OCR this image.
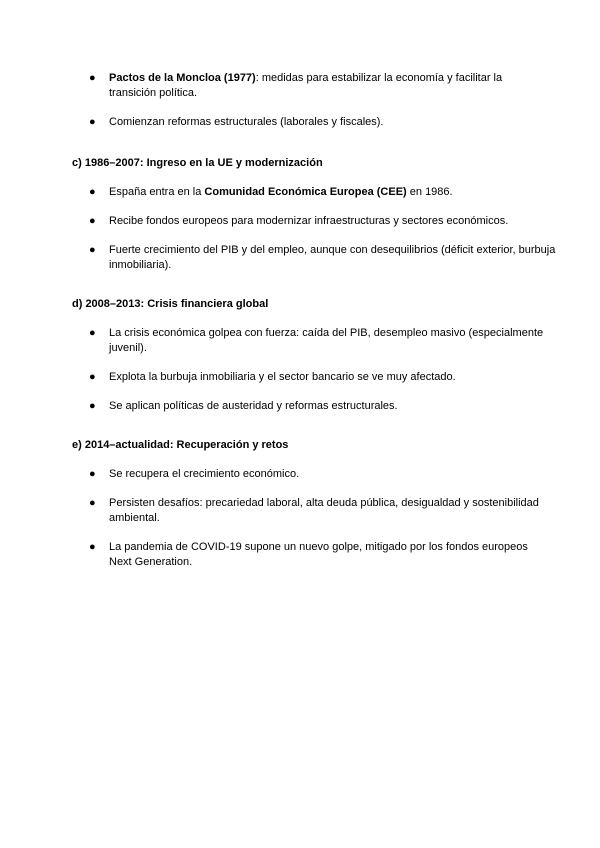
● Pactos de la Moncloa (1977): medidas para estabilizar la economía y facilitar la transición política.
● Comienzan reformas estructurales (laborales y fiscales).

c) 1986–2007: Ingreso en la UE y modernización

● España entra en la Comunidad Económica Europea (CEE) en 1986.
● Recibe fondos europeos para modernizar infraestructuras y sectores económicos.
● Fuerte crecimiento del PIB y del empleo, aunque con desequilibrios (déficit exterior, burbuja inmobiliaria).

d) 2008–2013: Crisis financiera global

● La crisis económica golpea con fuerza: caída del PIB, desempleo masivo (especialmente juvenil).
● Explota la burbuja inmobiliaria y el sector bancario se ve muy afectado.
● Se aplican políticas de austeridad y reformas estructurales.

e) 2014–actualidad: Recuperación y retos

● Se recupera el crecimiento económico.
● Persisten desafíos: precariedad laboral, alta deuda pública, desigualdad y sostenibilidad ambiental.
● La pandemia de COVID-19 supone un nuevo golpe, mitigado por los fondos europeos Next Generation.
